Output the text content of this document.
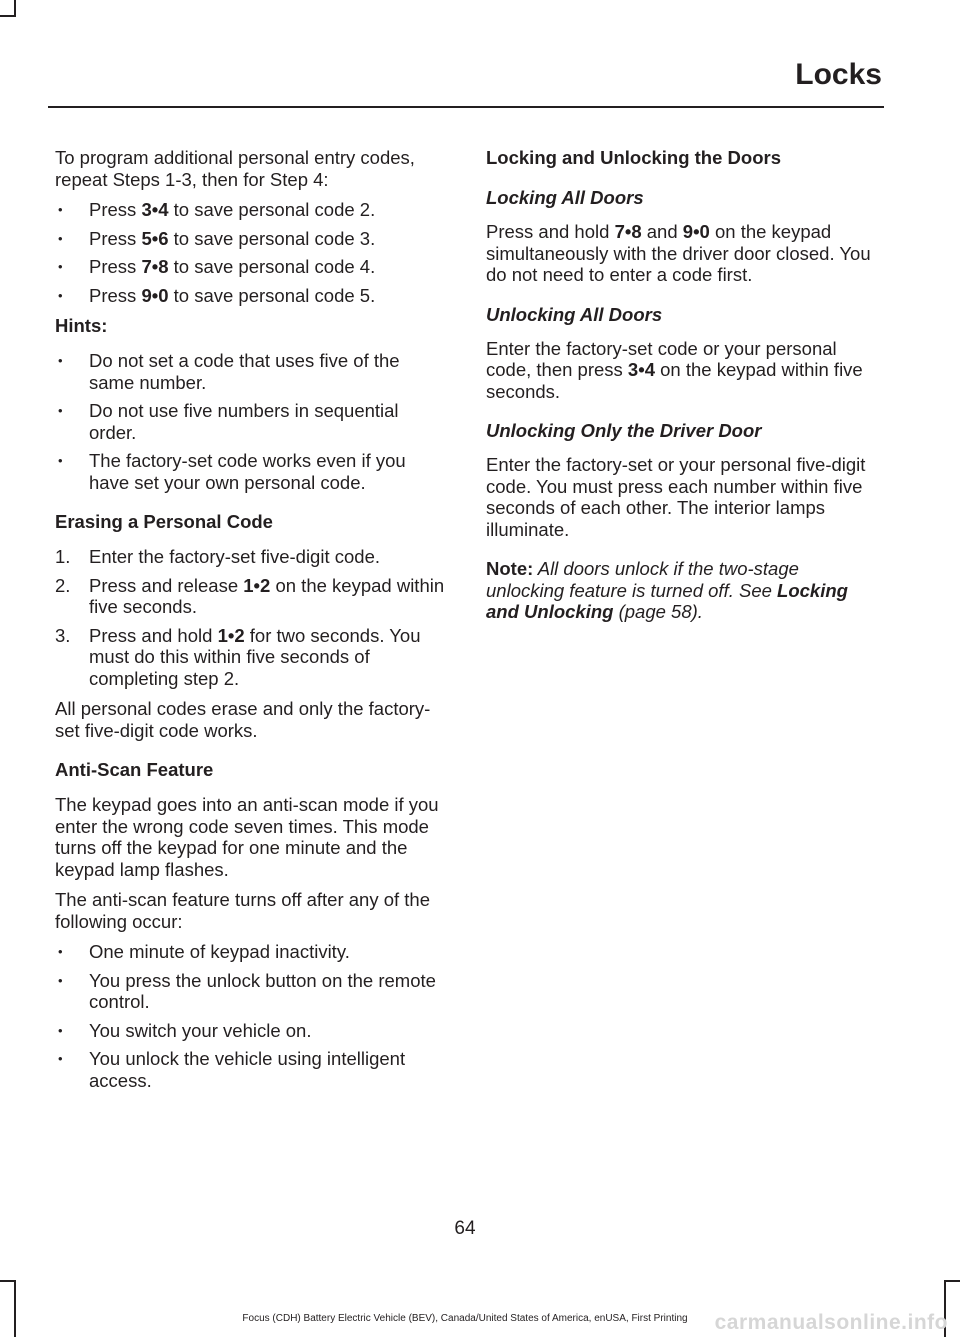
Locks

To program additional personal entry codes, repeat Steps 1-3, then for Step 4:

• Press 3•4 to save personal code 2.
• Press 5•6 to save personal code 3.
• Press 7•8 to save personal code 4.
• Press 9•0 to save personal code 5.
Hints:
• Do not set a code that uses five of the same number.
• Do not use five numbers in sequential order.
• The factory-set code works even if you have set your own personal code.
Erasing a Personal Code
1. Enter the factory-set five-digit code.
2. Press and release 1•2 on the keypad within five seconds.
3. Press and hold 1•2 for two seconds. You must do this within five seconds of completing step 2.

All personal codes erase and only the factory-set five-digit code works.

Anti-Scan Feature

The keypad goes into an anti-scan mode if you enter the wrong code seven times. This mode turns off the keypad for one minute and the keypad lamp flashes.

The anti-scan feature turns off after any of the following occur:

• One minute of keypad inactivity.
• You press the unlock button on the remote control.
• You switch your vehicle on.
• You unlock the vehicle using intelligent access.
Locking and Unlocking the Doors
Locking All Doors

Press and hold 7•8 and 9•0 on the keypad simultaneously with the driver door closed. You do not need to enter a code first.

Unlocking All Doors

Enter the factory-set code or your personal code, then press 3•4 on the keypad within five seconds.

Unlocking Only the Driver Door

Enter the factory-set or your personal five-digit code. You must press each number within five seconds of each other. The interior lamps illuminate.

Note: All doors unlock if the two-stage unlocking feature is turned off. See Locking and Unlocking (page 58).

64
Focus (CDH) Battery Electric Vehicle (BEV), Canada/United States of America, enUSA, First Printing	carmanualsonline.info
